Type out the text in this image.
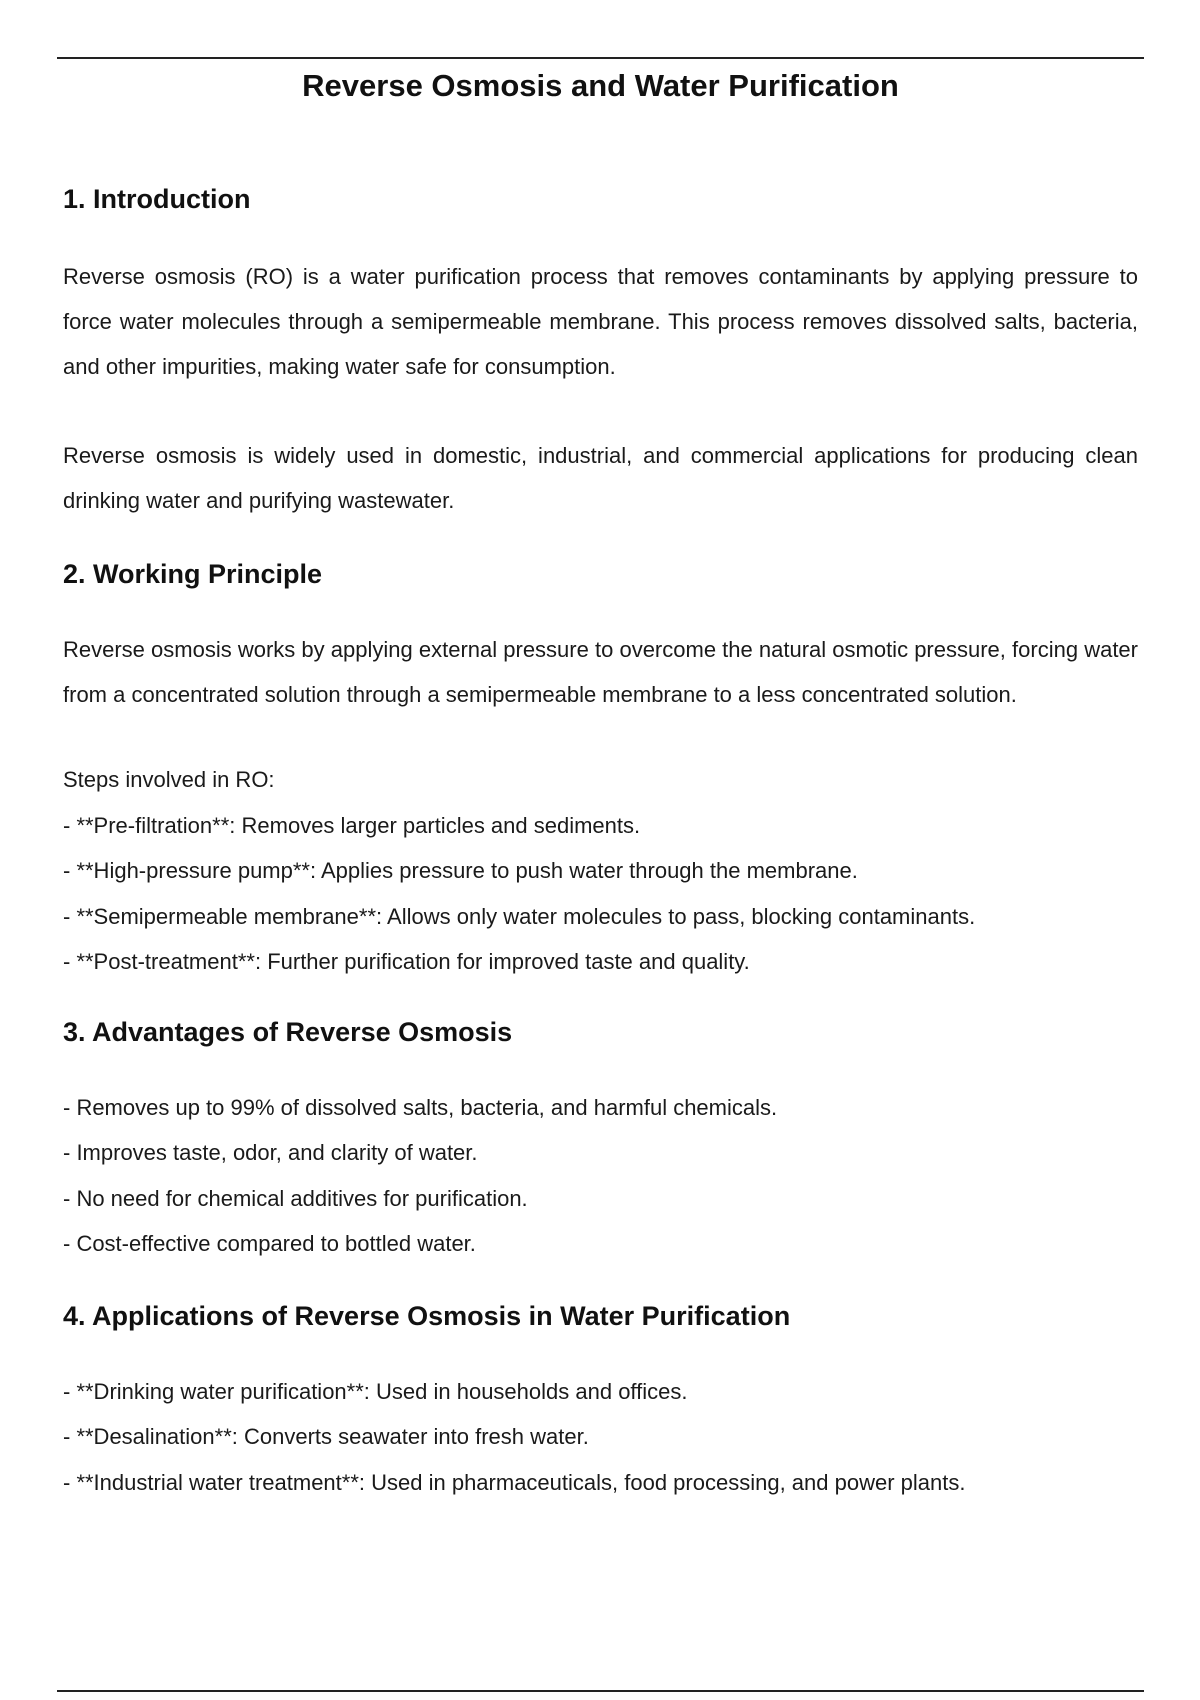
Reverse Osmosis and Water Purification
1. Introduction

Reverse osmosis (RO) is a water purification process that removes contaminants by applying pressure to force water molecules through a semipermeable membrane. This process removes dissolved salts, bacteria, and other impurities, making water safe for consumption.

Reverse osmosis is widely used in domestic, industrial, and commercial applications for producing clean drinking water and purifying wastewater.

2. Working Principle

Reverse osmosis works by applying external pressure to overcome the natural osmotic pressure, forcing water from a concentrated solution through a semipermeable membrane to a less concentrated solution.

Steps involved in RO:

- **Pre-filtration**: Removes larger particles and sediments.
- **High-pressure pump**: Applies pressure to push water through the membrane.
- **Semipermeable membrane**: Allows only water molecules to pass, blocking contaminants.
- **Post-treatment**: Further purification for improved taste and quality.
3. Advantages of Reverse Osmosis
- Removes up to 99% of dissolved salts, bacteria, and harmful chemicals.
- Improves taste, odor, and clarity of water.
- No need for chemical additives for purification.
- Cost-effective compared to bottled water.
4. Applications of Reverse Osmosis in Water Purification
- **Drinking water purification**: Used in households and offices.
- **Desalination**: Converts seawater into fresh water.
- **Industrial water treatment**: Used in pharmaceuticals, food processing, and power plants.
